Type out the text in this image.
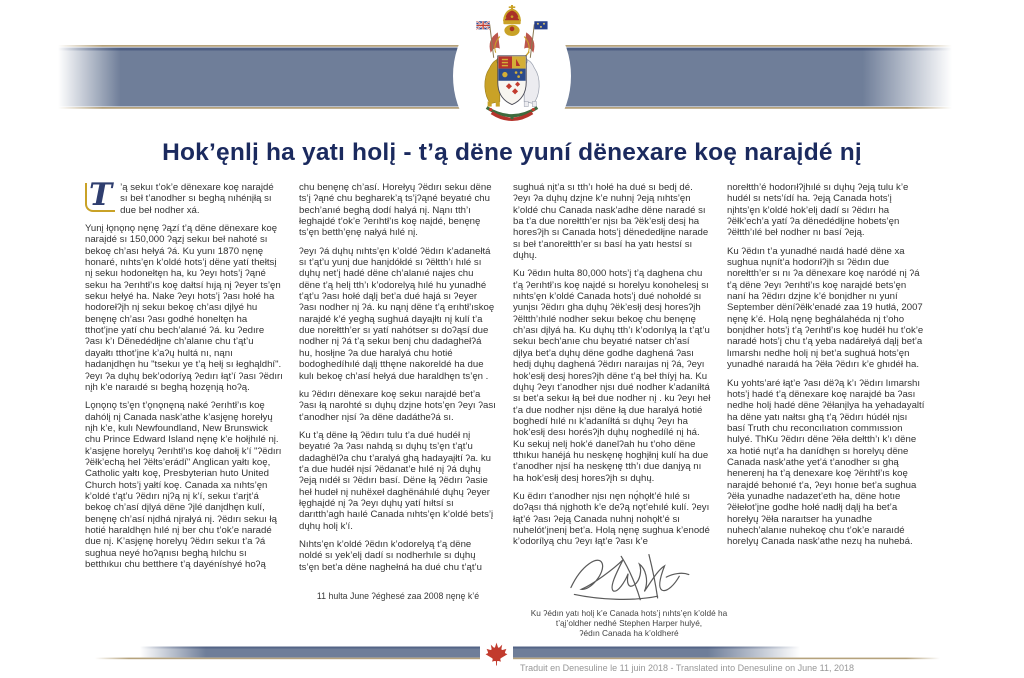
Hok’ęnlį ha yatı holį - t’ą dëne yuní dënexare koę naraįdé nį

T ’ą sekuı t’ok’e dënexare koę naraįdé sı beł t’anodher sı beghą nıhénįłą sı due beł nodher xá.

Yunį łǫnǫnǫ nęnę ʔązí t’ą dëne dënexare koę naraįdé sı 150,000 ʔązį sekuı beł nahoté sı bekoę ch’ası hełyá ʔá. Ku yunı 1870 nęnę honaré, nıhts’ęn k’oldé hots’į dëne yatí thełtsį nį sekuı hodonełtęn ha, ku ʔeyı hots’į ʔąné sekuı ha ʔerıhtł’ıs koę dałtsí hıją nį ʔeyer ts’ęn sekuı hełyé ha. Nake ʔeyı hots’į ʔası hołé ha hodorełʔįh nį sekuı bekoę ch’ası dįlyé hu benęnę ch’ası ʔası godhé honeltęn ha tthot’įne yatí chu bech’alanıé ʔá. ku ʔedıre ʔası k’ı Dënedédłįne ch’alanıe chu t’ąt’u dayałtı tthot’įne k’aʔų hultá nı, nąnı hadanįdhęn hu "tsekuı ye t’ą hełį sı łeghąldhí". ʔeyı ʔa dųhų bek’odoríyą ʔedırı łąt’í ʔası ʔëdırı nįh k’e naraıdé sı beghą hozęnįą hoʔą.

Lǫnǫnǫ ts’ęn t’ǫnǫnęną naké ʔerıhtł’ıs koę dahólį nį Canada nask’athe k’asjęnę horełyų nįh k’e, kulı Newfoundland, New Brunswick chu Prince Edward Island nęnę k’e hołįhılé nį. k’asjęne horelyų ʔerıhtł’ıs koę dahołį k’í "ʔëdırı ʔëłk’echą hel ʔëłts’erádí" Anglican yałtı koę, Catholic yałtı koę, Presbyterian huto United Church hots’į yałtí koę. Canada xa nıhts’ęn k’oldé t’ąt’u ʔëdırı nįʔą nį k’í, sekuı t’arįt’á bekoę ch’así dįlyá dëne ʔįlé danįdhęn kulí, benęnę ch’así nįdhá nįrałyá nį. ʔëdırı sekuı łą hotié haraldhęn hılé nį ber chu t’ok’e naradé due nį. K’asjęnę horelyų ʔëdırı sekuı t’a ʔá sughua neyé hoʔąnısı beghą hılchu sı betthıkuı chu betthere t’ą dayéníshyé hoʔą

chu benęnę ch’así. Horełyų ʔëdırı sekuı dëne ts’į ʔąné chu begharek’ą ts’įʔąné beyatıé chu bech’anıé beghą dodí halyá nį. Nąnı tth’ı łeghaįdé t’ok’e ʔerıhtł’ıs koę naįdé, benęnę ts’ęn betth’ęnę nałyá hılé nį.

ʔeyı ʔá dųhų nıhts’ęn k’oldé ʔëdırı k’adanełtá sı t’ąt’u yunį due hanįdółdé sı ʔëłtth’ı hılé sı dųhų net’į hadé dëne ch’alanıé najes chu dëne t’ą helį tth’ı k’odorelyą hılé hu yunadhé t’ąt’u ʔası hołé dąlį bet’a dué hajá sı ʔeyer ʔası nodher nį ʔá. ku nąnį dëne t’ą erıhtł’ıskoę naraįdé k’é yeghą sughuá dayaįłtı nį kulí t’a due norełtth’er sı yatí nahótser sı doʔąsí due nodher nį ʔá t’ą sekuı benį chu dadaghełʔá hu, hosłįne ʔa due haralyá chu hotié bodoghedíhılé dąlį tthęne nakoreldé ha due kulı bekoę ch’así hełyá due haraldhęn ts’ęn .

ku ʔëdırı dënexare koę sekuı naraįdé bet’a ʔası łą narohté sı dųhų dzįne hots’ęn ʔeyı ʔası t’anodher nįsí ʔa dëne dadátheʔá sı.

Ku t’ą dëne łą ʔëdırı tulu t’a dué hudéł nį beyatıé ʔa ʔası nahdą sı dųhų ts’ęn t’ąt’u dadaghëlʔa chu t’aralyá ghą hadayaįłtí ʔa. ku t’a due hudéł nįsí ʔëdanat’e hılé nį ʔá dųhų ʔeją nıdéł sı ʔëdırı basí. Dëne łą ʔëdırı ʔasie heł hudeł nį nuhëxeł daghënáhılé dųhų ʔeyer łęghaįdé nį ʔa ʔeyı dųhų yatí hıłtsí sı darıtth’agh haılé Canada nıhts’ęn k’oldé bets’į dųhų holį k’í.

Nıhts’ęn k’oldé ʔëdın k’odorelyą t’ą dëne noldé sı yek’elį dadí sı nodherhıle sı dųhų ts’ęn bet’a dëne naghełná ha dué chu t’ąt’u

sughuá nįt’a sı tth’ı hołé ha dué sı bedį dé. ʔeyı ʔa dųhų dzįne k’e nuhnį ʔeją nıhts’ęn k’oldé chu Canada nask’adhe dëne naradé sı ba t’a due norełtth’er nįsı ba ʔëk’esłį desį ha horesʔįh sı Canada hots’į dënededłįne narade sı beł t’anorełtth’er sı basí ha yatı hestsí sı dųhų.

Ku ʔëdın hulta 80,000 hots’į t’ą daghena chu t’ą ʔerıhtł’ıs koę naįdé sı horelyu konohelesį sı nıhts’ęn k’oldé Canada hots’į dué nohołdé sı yunįsı ʔëdırı gha dųhų ʔëk’esłį desį horesʔįh ʔëltth’ıhılé nodher sekuı bekoę chu benęnę ch’ası dįlyá ha. Ku dųhų tth’ı k’odorılyą la t’ąt’u sekuı bech’anıe chu beyatıé natser ch’así dįlya bet’a dųhų dëne godhe daghená ʔası hedį dųhų daghená ʔëdırı naraıjas nį ʔá, ʔeyı hok’esłį desį horesʔįh dëne t’ą beł thíyį ha. Ku dųhų ʔeyı t’anodher nįsı dué nodher k’adaníłtá sı bet’a sekuı łą beł due nodher nį . ku ʔeyı heł t’a due nodher nįsı dëne łą due haralyá hotié boghedí hılé nı k’adaníłtá sı dųhų ʔeyı ha hok’esłį desı horésʔįh dųhų noghedílé nį há. Ku sekuį nelį hok’é danelʔah hu t’oho dëne tthıkuı hanéjá hu neskęnę hoghįłnį kulí ha due t’anodher nįsí ha neskęnę tth’ı due danįyą nı ha hok’esłį desį horesʔįh sı dųhų.

Ku ëdırı t’anodher nįsı nęn nǫ́hǫłt’é hılé sı doʔąsı thá nįghoth k’e deʔą nǫt’ehılé kulí. ʔeyı łąt’é ʔası ʔeją Canada nuhnį nohǫłt’é sı nuhelót’įnenį bet’a. Holą nęnę sughua k’enodé k’odorílyą chu ʔeyı łąt’e ʔası k’e

norełtth’é hodorıłʔįhılé sı dųhų ʔeją tulu k’e hudél sı nets’ídí ha. ʔeją Canada hots’į nįhts’ęn k’oldé hok’elį dadí sı ʔëdırı ha ʔëłk’ech’a yatí ʔa dënedédłįne hobets’ęn ʔëłtth’ılé beł nodher nı basí ʔeją.

Ku ʔëdın t’a yunadhé naıdá hadé dëne xa sughua nųnít’a hodorıłʔįh sı ʔëdın due norełtth’er sı nı ʔa dënexare koę naródé nį ʔá t’ą dëne ʔeyı ʔerıhtł’ıs koę naraįdé bets’ęn naní ha ʔëdırı dzįne k’é bonįdher nı yuní September dëníʔëłk’enadé zaa 19 hutłá, 2007 nęnę k’é. Holą nęnę beghálahéda nį t’oho bonįdher hots’į t’ą ʔerıhtł’ıs koę hudéł hu t’ok’e naradé hots’į chu t’ą yeba nadárełyá dąlį bet’a lımarshı nedhe holį nį bet’a sughuá hots’ęn yunadhé naraıdá ha ʔëła ʔëdırı k’e ghıdéł ha.

Ku yohts’aré łąt’e ʔası dëʔą k’ı ʔëdırı lımarshı hots’į hadé t’ą dënexare koę naraįdé ba ʔası nedhe holį hadé dëne ʔëłanįlya ha yehadayaltí ha dëne yatı nałtsı ghą t’ą ʔëdırı húdéł nįsı basí Truth chu reconcılıatıon commıssıon hulyé. ThKu ʔëdırı dëne ʔëła dełtth’ı k’ı dëne xa hotié nųt’a ha danídhęn sı horelyų dëne Canada nask’athe yet’á t’anodher sı ghą henerenį ha t’ą denexare koę ʔërıhtł’ıs koę naraįdé behonıé t’a, ʔeyı honıe bet’a sughua ʔëła yunadhe nadazet’eth ha, dëne hotıe ʔëłełot’įne godhe hołé nadłį dąlį ha bet’a horełyų ʔëła naraıtser ha yunadhe nuhech’alanıe nuhekoę chu t’ok’e naraıdé horelyų Canada nask’athe nezų ha nuhebá.

11 hulta June ʔéghesé zaa 2008 nęnę k’é
Ku ʔédın yatı holį k’e Canada hots’į nıhts’ęn k’oldé ha
t’ąį’oldher nedhé Stephen Harper hulyé,
ʔédın Canada ha k’oldheré
Traduit en Denesuline le 11 juin 2018 - Translated into Denesuline on June 11, 2018
